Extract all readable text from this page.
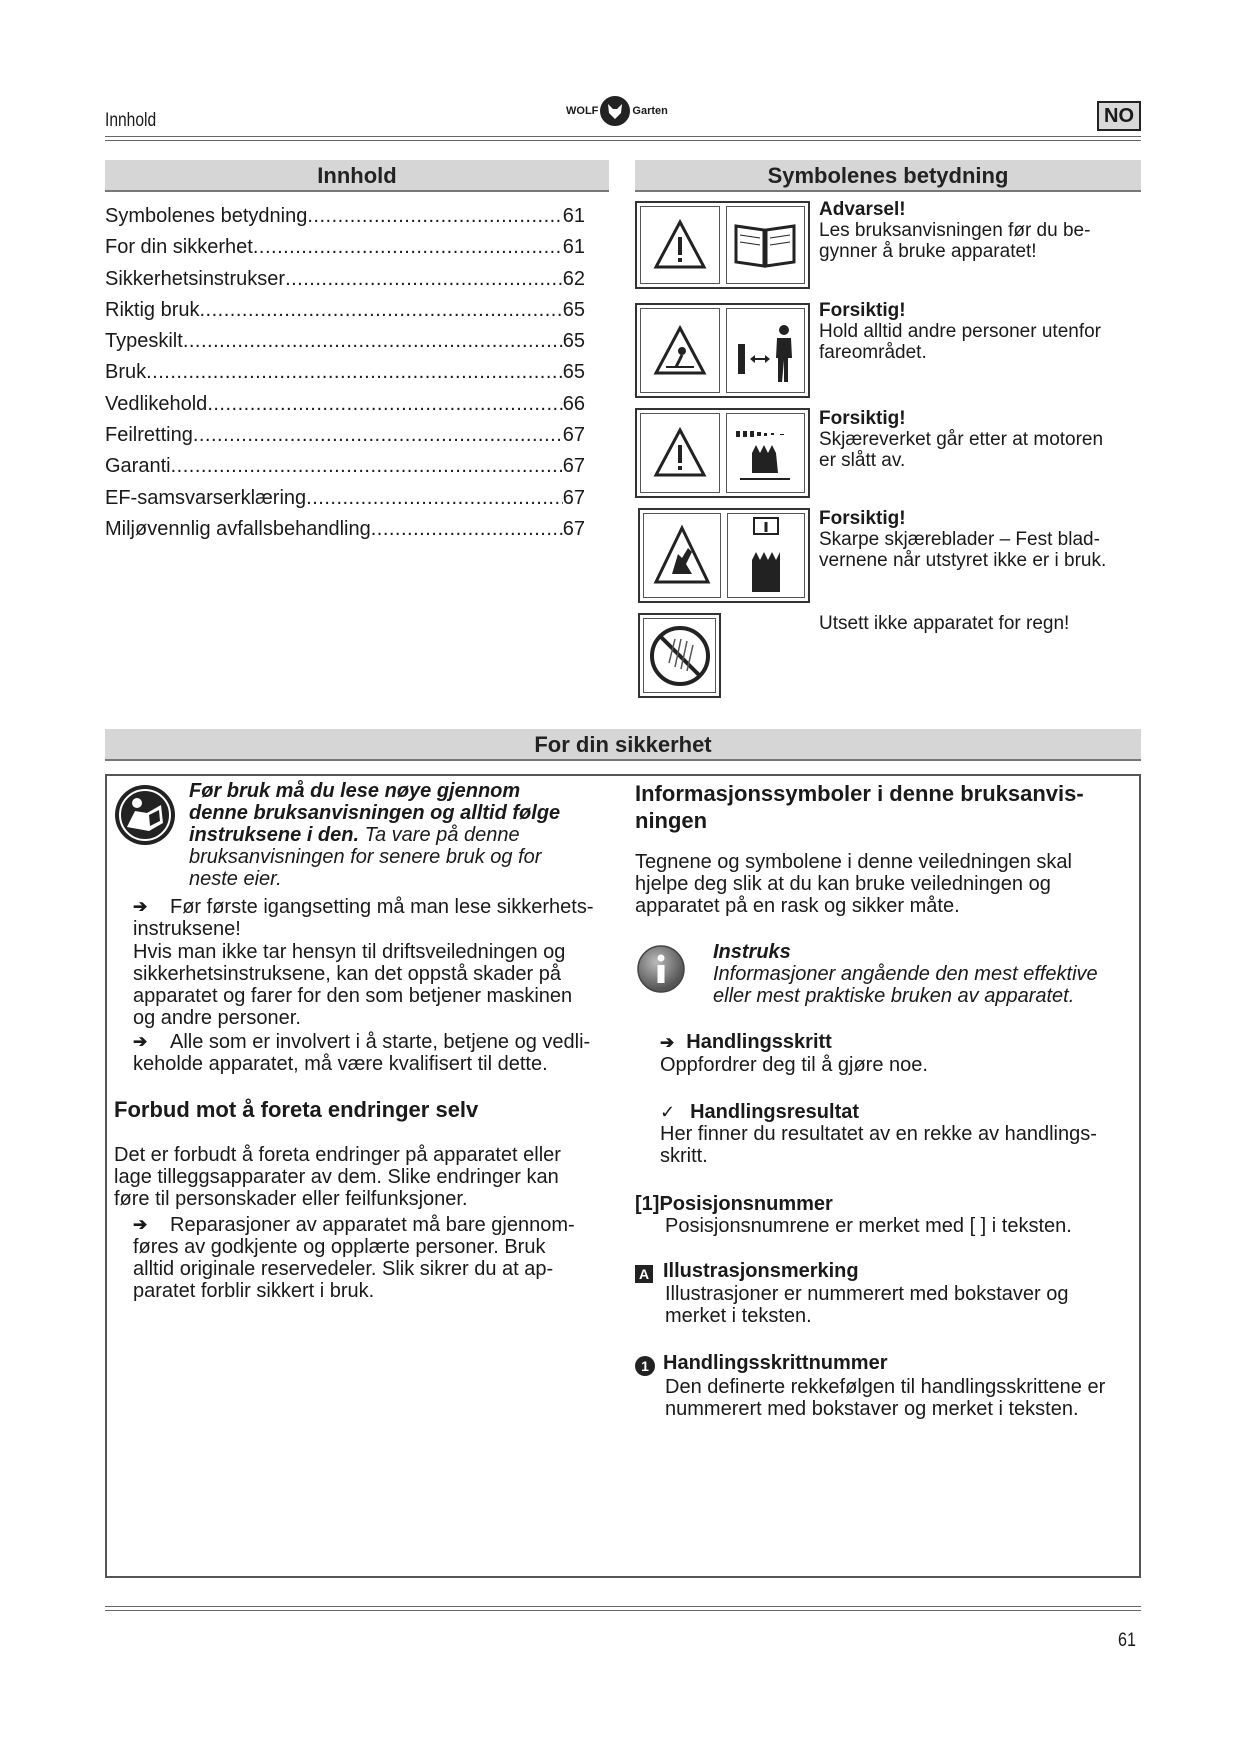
Innhold	WOLF	Garten	NO
Innhold
Symbolenes betydning .....	61
For din sikkerhet .....	61
Sikkerhetsinstrukser .....	62
Riktig bruk .....	65
Typeskilt .....	65
Bruk .....	65
Vedlikehold .....	66
Feilretting .....	67
Garanti .....	67
EF-samsvarserklæring .....	67
Miljøvennlig avfallsbehandling .....	67
Symbolenes betydning
Advarsel!
Les bruksanvisningen før du be-
gynner å bruke apparatet!
Forsiktig!
Hold alltid andre personer utenfor
fareområdet.
Forsiktig!
Skjæreverket går etter at motoren
er slått av.
Forsiktig!
Skarpe skjæreblader – Fest blad-
vernene når utstyret ikke er i bruk.
Utsett ikke apparatet for regn!
For din sikkerhet
Før bruk må du lese nøye gjennom
denne bruksanvisningen og alltid følge
instruksene i den. Ta vare på denne
bruksanvisningen for senere bruk og for
neste eier.
➔ Før første igangsetting må man lese sikkerhets-
instruksene!
Hvis man ikke tar hensyn til driftsveiledningen og
sikkerhetsinstruksene, kan det oppstå skader på
apparatet og farer for den som betjener maskinen
og andre personer.
➔ Alle som er involvert i å starte, betjene og vedli-
keholde apparatet, må være kvalifisert til dette.
Forbud mot å foreta endringer selv
Det er forbudt å foreta endringer på apparatet eller
lage tilleggsapparater av dem. Slike endringer kan
føre til personskader eller feilfunksjoner.
➔ Reparasjoner av apparatet må bare gjennom-
føres av godkjente og opplærte personer. Bruk
alltid originale reservedeler. Slik sikrer du at ap-
paratet forblir sikkert i bruk.
Informasjonssymboler i denne bruksanvis-
ningen
Tegnene og symbolene i denne veiledningen skal
hjelpe deg slik at du kan bruke veiledningen og
apparatet på en rask og sikker måte.
Instruks
Informasjoner angående den mest effektive
eller mest praktiske bruken av apparatet.
➔ Handlingsskritt
Oppfordrer deg til å gjøre noe.
✓ Handlingsresultat
Her finner du resultatet av en rekke av handlings-
skritt.
[1]Posisjonsnummer
Posisjonsnumrene er merket med [ ] i teksten.
A Illustrasjonsmerking

Illustrasjoner er nummerert med bokstaver og
merket i teksten.
1 Handlingsskrittnummer

Den definerte rekkefølgen til handlingsskrittene er
nummerert med bokstaver og merket i teksten.
61
